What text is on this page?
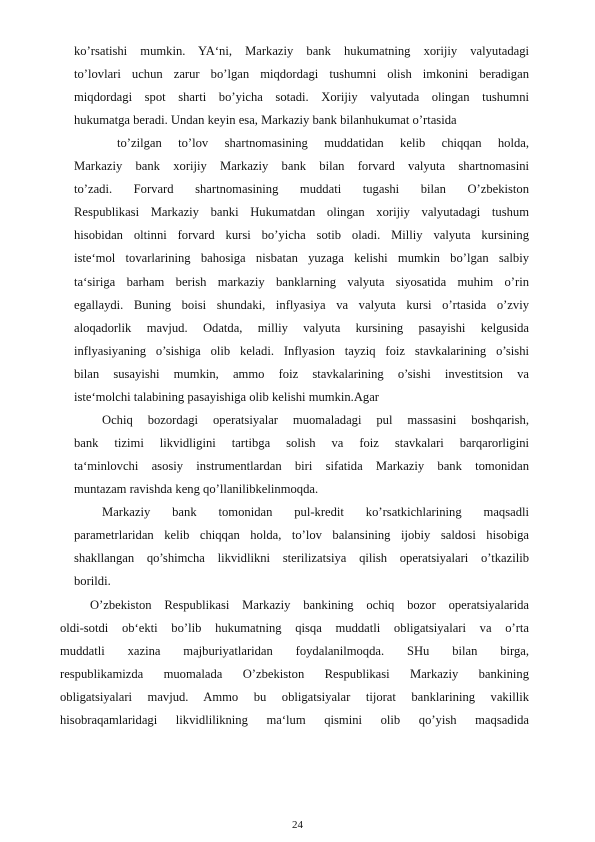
ko’rsatishi mumkin. YA‘ni, Markaziy bank hukumatning xorijiy valyutadagi
to’lovlari uchun zarur bo’lgan miqdordagi tushumni olish imkonini beradigan
miqdordagi spot sharti bo’yicha sotadi. Xorijiy valyutada olingan tushumni
hukumatga beradi. Undan keyin esa, Markaziy bank bilanhukumat o’rtasida
to’zilgan to’lov shartnomasining muddatidan kelib chiqqan holda,
Markaziy bank xorijiy Markaziy bank bilan forvard valyuta shartnomasini
to’zadi. Forvard shartnomasining muddati tugashi bilan O’zbekiston
Respublikasi Markaziy banki Hukumatdan olingan xorijiy valyutadagi tushum
hisobidan oltinni forvard kursi bo’yicha sotib oladi. Milliy valyuta kursining
iste‘mol tovarlarining bahosiga nisbatan yuzaga kelishi mumkin bo’lgan salbiy
ta‘siriga barham berish markaziy banklarning valyuta siyosatida muhim o’rin
egallaydi. Buning boisi shundaki, inflyasiya va valyuta kursi o’rtasida o’zviy
aloqadorlik mavjud. Odatda, milliy valyuta kursining pasayishi kelgusida
inflyasiyaning o’sishiga olib keladi. Inflyasion tayziq foiz stavkalarining o’sishi
bilan susayishi mumkin, ammo foiz stavkalarining o’sishi investitsion va
iste‘molchi talabining pasayishiga olib kelishi mumkin.Agar
Ochiq bozordagi operatsiyalar muomaladagi pul massasini boshqarish,
bank tizimi likvidligini tartibga solish va foiz stavkalari barqarorligini
ta‘minlovchi asosiy instrumentlardan biri sifatida Markaziy bank tomonidan
muntazam ravishda keng qo’llanilibkelinmoqda.
Markaziy bank tomonidan pul-kredit ko’rsatkichlarining maqsadli
parametrlaridan kelib chiqqan holda, to’lov balansining ijobiy saldosi hisobiga
shakllangan qo’shimcha likvidlikni sterilizatsiya qilish operatsiyalari o’tkazilib
borildi.
O’zbekiston Respublikasi Markaziy bankining ochiq bozor operatsiyalarida
oldi-sotdi ob‘ekti bo’lib hukumatning qisqa muddatli obligatsiyalari va o’rta
muddatli xazina majburiyatlaridan foydalanilmoqda. SHu bilan birga,
respublikamizda muomalada O’zbekiston Respublikasi Markaziy bankining
obligatsiyalari mavjud. Ammo bu obligatsiyalar tijorat banklarining vakillik
hisobraqamlaridagi likvidlilikning ma‘lum qismini olib qo’yish maqsadida
24
